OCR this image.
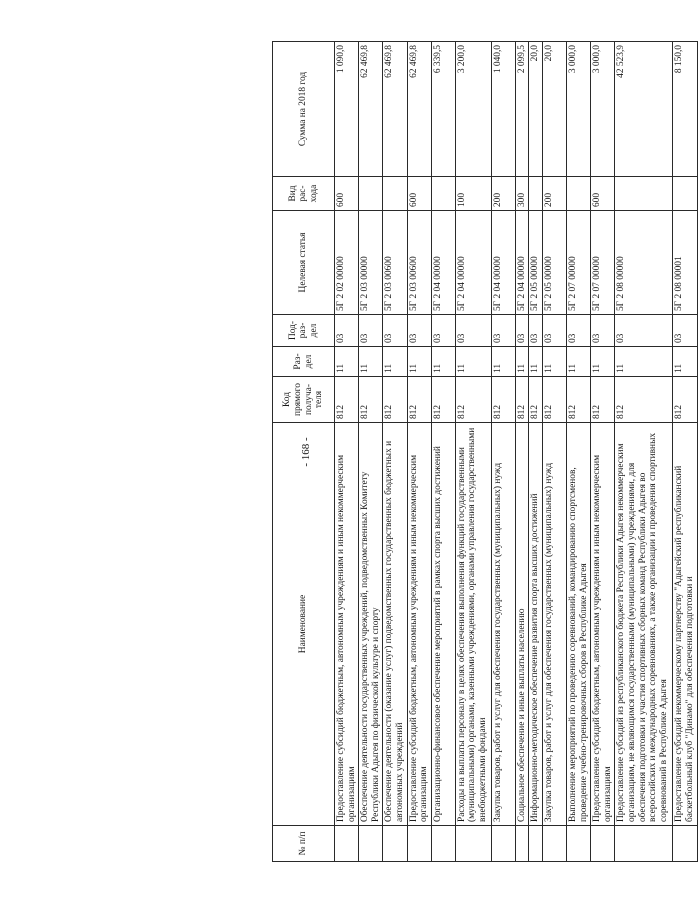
- 168 -
№ п/п	Наименование	Код прямого получа-теля	Раз-дел	Под-раз-дел	Целевая статья	Вид рас-хода	Сумма на 2018 год
	Предоставление субсидий бюджетным, автономным учреждениям и иным некоммерческим организациям	812	11	03	5Г 2 02 00000	600	1 090,0
	Обеспечение деятельности государственных учреждений, подведомственных Комитету Республики Адыгея по физической культуре и спорту	812	11	03	5Г 2 03 00000		62 469,8
	Обеспечение деятельности (оказание услуг) подведомственных государственных бюджетных и автономных учреждений	812	11	03	5Г 2 03 00600		62 469,8
	Предоставление субсидий бюджетным, автономным учреждениям и иным некоммерческим организациям	812	11	03	5Г 2 03 00600	600	62 469,8
	Организационно-финансовое обеспечение мероприятий в рамках спорта высших достижений	812	11	03	5Г 2 04 00000		6 339,5
	Расходы на выплаты персоналу в целях обеспечения выполнения функций государственными (муниципальными) органами, казенными учреждениями, органами управления государственными внебюджетными фондами	812	11	03	5Г 2 04 00000	100	3 200,0
	Закупка товаров, работ и услуг для обеспечения государственных (муниципальных) нужд	812	11	03	5Г 2 04 00000	200	1 040,0
	Социальное обеспечение и иные выплаты населению	812	11	03	5Г 2 04 00000	300	2 099,5
	Информационно-методическое обеспечение развития спорта высших достижений	812	11	03	5Г 2 05 00000		20,0
	Закупка товаров, работ и услуг для обеспечения государственных (муниципальных) нужд	812	11	03	5Г 2 05 00000	200	20,0
	Выполнение мероприятий по проведению соревнований, командированию спортсменов, проведение учебно-тренировочных сборов в Республике Адыгея	812	11	03	5Г 2 07 00000		3 000,0
	Предоставление субсидий бюджетным, автономным учреждениям и иным некоммерческим организациям	812	11	03	5Г 2 07 00000	600	3 000,0
	Предоставление субсидий из республиканского бюджета Республики Адыгея некоммерческим организациям, не являющимся государственными (муниципальными) учреждениями, для обеспечения подготовки и участия спортивных сборных команд Республики Адыгея во всероссийских и международных соревнованиях, а также организации и проведения спортивных соревнований в Республике Адыгея	812	11	03	5Г 2 08 00000		42 523,9
	Предоставление субсидий некоммерческому партнерству "Адыгейский республиканский баскетбольный клуб "Динамо" для обеспечения подготовки и	812	11	03	5Г 2 08 00001		8 150,0
